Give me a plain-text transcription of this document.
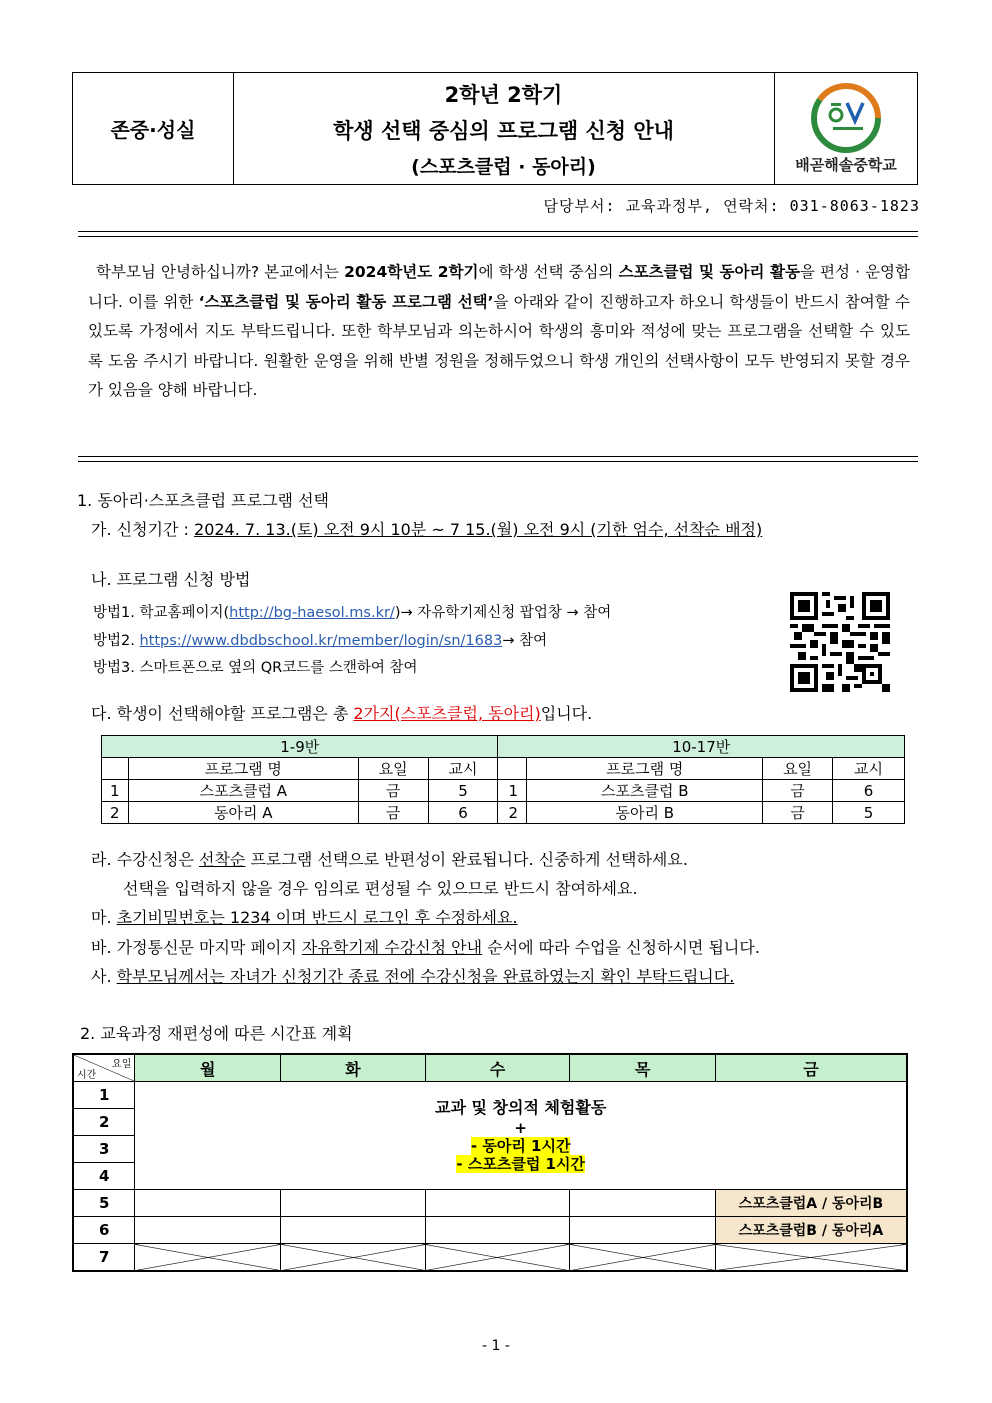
존중·성실
2학년 2학기
학생 선택 중심의 프로그램 신청 안내
(스포츠클럽 · 동아리)	배곧해솔중학교
담당부서: 교육과정부, 연락처: 031-8063-1823
학부모님 안녕하십니까? 본교에서는 2024학년도 2학기에 학생 선택 중심의 스포츠클럽 및 동아리 활동을 편성 · 운영합니다. 이를 위한 ‘스포츠클럽 및 동아리 활동 프로그램 선택’을 아래와 같이 진행하고자 하오니 학생들이 반드시 참여할 수 있도록 가정에서 지도 부탁드립니다. 또한 학부모님과 의논하시어 학생의 흥미와 적성에 맞는 프로그램을 선택할 수 있도록 도움 주시기 바랍니다. 원활한 운영을 위해 반별 정원을 정해두었으니 학생 개인의 선택사항이 모두 반영되지 못할 경우가 있음을 양해 바랍니다.
1. 동아리·스포츠클럽 프로그램 선택
가. 신청기간 : 2024. 7. 13.(토) 오전 9시 10분 ~ 7 15.(월) 오전 9시 (기한 엄수, 선착순 배정)
나. 프로그램 신청 방법
방법1. 학교홈페이지(http://bg-haesol.ms.kr/)→ 자유학기제신청 팝업창 → 참여
방법2. https://www.dbdbschool.kr/member/login/sn/1683→ 참여
방법3. 스마트폰으로 옆의 QR코드를 스캔하여 참여
다. 학생이 선택해야할 프로그램은 총 2가지(스포츠클럽, 동아리)입니다.
1-9반				10-17반			
	프로그램 명	요일	교시		프로그램 명	요일	교시
1	스포츠클럽 A	금	5	1	스포츠클럽 B	금	6
2	동아리 A	금	6	2	동아리 B	금	5
라. 수강신청은 선착순 프로그램 선택으로 반편성이 완료됩니다. 신중하게 선택하세요.
선택을 입력하지 않을 경우 임의로 편성될 수 있으므로 반드시 참여하세요.
마. 초기비밀번호는 1234 이며 반드시 로그인 후 수정하세요.
바. 가정통신문 마지막 페이지 자유학기제 수강신청 안내 순서에 따라 수업을 신청하시면 됩니다.
사. 학부모님께서는 자녀가 신청기간 종료 전에 수강신청을 완료하였는지 확인 부탁드립니다.
2. 교육과정 재편성에 따른 시간표 계획
요일
시간	월	화	수	목	금
1	교과 및 창의적 체험활동
+
- 동아리 1시간
- 스포츠클럽 1시간				

2					
3					
4					
5					스포츠클럽A / 동아리B
6					스포츠클럽B / 동아리A
7					
- 1 -
